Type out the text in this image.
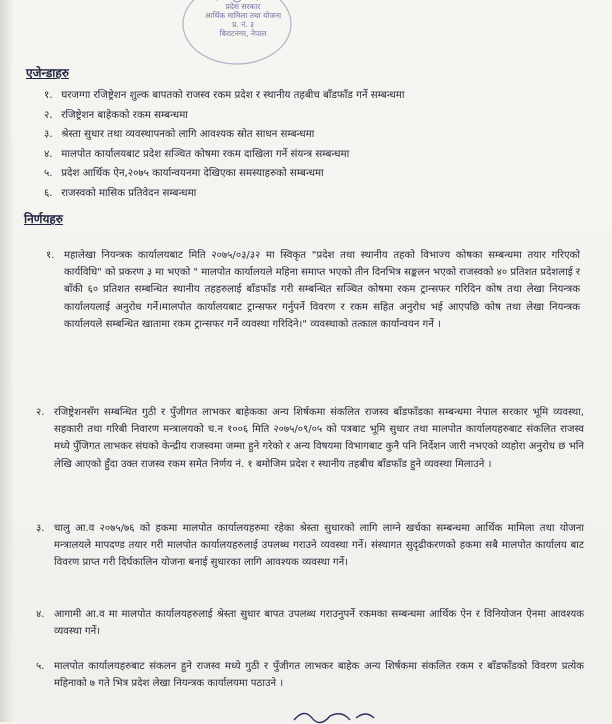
प्रदेश सरकार
आर्थिक मामिला तथा योजना
प्र. नं. ३
बिराटनगर, नेपाल
एजेन्डाहरु
१. घरजग्गा रजिष्ट्रेशन शुल्क बापतको राजस्व रकम प्रदेश र स्थानीय तहबीच बाँडफाँड गर्ने सम्बन्धमा
२. रजिष्ट्रेशन बाहेकको रकम सम्बन्धमा
३. श्रेस्ता सुधार तथा व्यवस्थापनको लागि आवश्यक स्रोत साधन सम्बन्धमा
४. मालपोत कार्यालयबाट प्रदेश सञ्चित कोषमा रकम दाखिला गर्ने संयन्त्र सम्बन्धमा
५. प्रदेश आर्थिक ऐन,२०७५ कार्यान्वयनमा देखिएका समस्याहरुको सम्बन्धमा
६. राजस्वको मासिक प्रतिवेदन सम्बन्धमा
निर्णयहरु
१. महालेखा नियन्त्रक कार्यालयबाट मिति २०७५/०३/३२ मा स्विकृत "प्रदेश तथा स्थानीय तहको विभाज्य कोषका सम्बन्धमा तयार गरिएको कार्यविधि" को प्रकरण ३ मा भएको " मालपोत कार्यालयले महिना समाप्त भएको तीन दिनभित्र सङ्कलन भएको राजस्वको ४० प्रतिशत प्रदेशलाई र बाँकी ६० प्रतिशत सम्बन्धित स्थानीय तहहरुलाई बाँडफाँड गरी सम्बन्धित सञ्चित कोषमा रकम ट्रान्सफर गरिदिन कोष तथा लेखा नियन्त्रक कार्यालयलाई अनुरोध गर्ने।मालपोत कार्यालयबाट ट्रान्सफर गर्नुपर्ने विवरण र रकम सहित अनुरोध भई आएपछि कोष तथा लेखा नियन्त्रक कार्यालयले सम्बन्धित खातामा रकम ट्रान्सफर गर्ने व्यवस्था गरिदिने।" व्यवस्थाको तत्काल कार्यान्वयन गर्ने ।
२. रजिष्ट्रेशनसँग सम्बन्धित गुठी र पुँजीगत लाभकर बाहेकका अन्य शिर्षकमा संकलित राजस्व बाँडफाँडका सम्बन्धमा नेपाल सरकार भूमि व्यवस्था, सहकारी तथा गरिबी निवारण मन्त्रालयको च.न १००६ मिति २०७५/०९/०५ को पत्रबाट भूमि सुधार तथा मालपोत कार्यालयहरुबाट संकलित राजस्व मध्ये पुँजिगत लाभकर संघको केन्द्रीय राजस्वमा जम्मा हुने गरेको र अन्य विषयमा विभागबाट कुनै पनि निर्देशन जारी नभएको व्यहोरा अनुरोध छ भनि लेखि आएको हुँदा उक्त राजस्व रकम समेत निर्णय नं. १ बमोजिम प्रदेश र स्थानीय तहबीच बाँडफाँड हुने व्यवस्था मिलाउने ।
३. चालु आ.व २०७५/७६ को हकमा मालपोत कार्यालयहरुमा रहेका श्रेस्ता सुधारको लागि लाग्ने खर्चका सम्बन्धमा आर्थिक मामिला तथा योजना मन्त्रालयले मापदण्ड तयार गरी मालपोत कार्यालयहरुलाई उपलब्ध गराउने व्यवस्था गर्ने। संस्थागत सुदृढीकरणको हकमा सबै मालपोत कार्यालय बाट विवरण प्राप्त गरी दिर्घकालिन योजना बनाई सुधारका लागि आवश्यक व्यवस्था गर्ने।
४. आगामी आ.व मा मालपोत कार्यालयहरुलाई श्रेस्ता सुधार बापत उपलब्ध गराउनुपर्ने रकमका सम्बन्धमा आर्थिक ऐन र विनियोजन ऐनमा आवश्यक व्यवस्था गर्ने।
५. मालपोत कार्यालयहरुबाट संकलन हुने राजस्व मध्ये गुठी र पुँजीगत लाभकर बाहेक अन्य शिर्षकमा संकलित रकम र बाँडफाँडको विवरण प्रत्येक महिनाको ७ गते भित्र प्रदेश लेखा नियन्त्रक कार्यालयमा पठाउने ।
